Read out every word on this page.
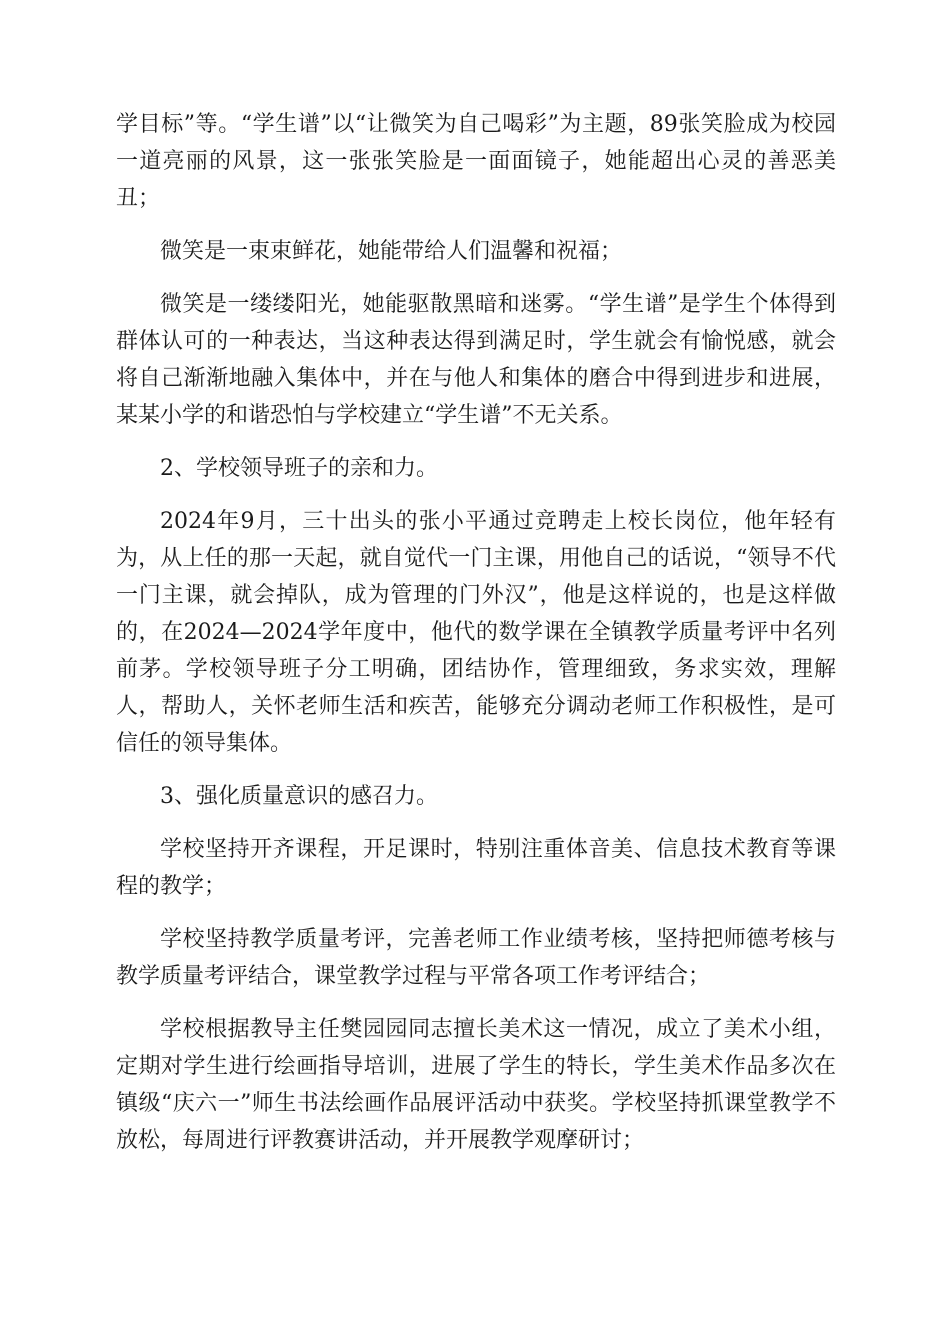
学目标”等。“学生谱”以“让微笑为自己喝彩”为主题，89张笑脸成为校园一道亮丽的风景，这一张张笑脸是一面面镜子，她能超出心灵的善恶美丑；

微笑是一束束鲜花，她能带给人们温馨和祝福；

微笑是一缕缕阳光，她能驱散黑暗和迷雾。“学生谱”是学生个体得到群体认可的一种表达，当这种表达得到满足时，学生就会有愉悦感，就会将自己渐渐地融入集体中，并在与他人和集体的磨合中得到进步和进展，某某小学的和谐恐怕与学校建立“学生谱”不无关系。

2、学校领导班子的亲和力。

2024年9月，三十出头的张小平通过竞聘走上校长岗位，他年轻有为，从上任的那一天起，就自觉代一门主课，用他自己的话说，“领导不代一门主课，就会掉队，成为管理的门外汉”，他是这样说的，也是这样做的，在2024—2024学年度中，他代的数学课在全镇教学质量考评中名列前茅。学校领导班子分工明确，团结协作，管理细致，务求实效，理解人，帮助人，关怀老师生活和疾苦，能够充分调动老师工作积极性，是可信任的领导集体。

3、强化质量意识的感召力。

学校坚持开齐课程，开足课时，特别注重体音美、信息技术教育等课程的教学；

学校坚持教学质量考评，完善老师工作业绩考核，坚持把师德考核与教学质量考评结合，课堂教学过程与平常各项工作考评结合；

学校根据教导主任樊园园同志擅长美术这一情况，成立了美术小组，定期对学生进行绘画指导培训，进展了学生的特长，学生美术作品多次在镇级“庆六一”师生书法绘画作品展评活动中获奖。学校坚持抓课堂教学不放松，每周进行评教赛讲活动，并开展教学观摩研讨；
